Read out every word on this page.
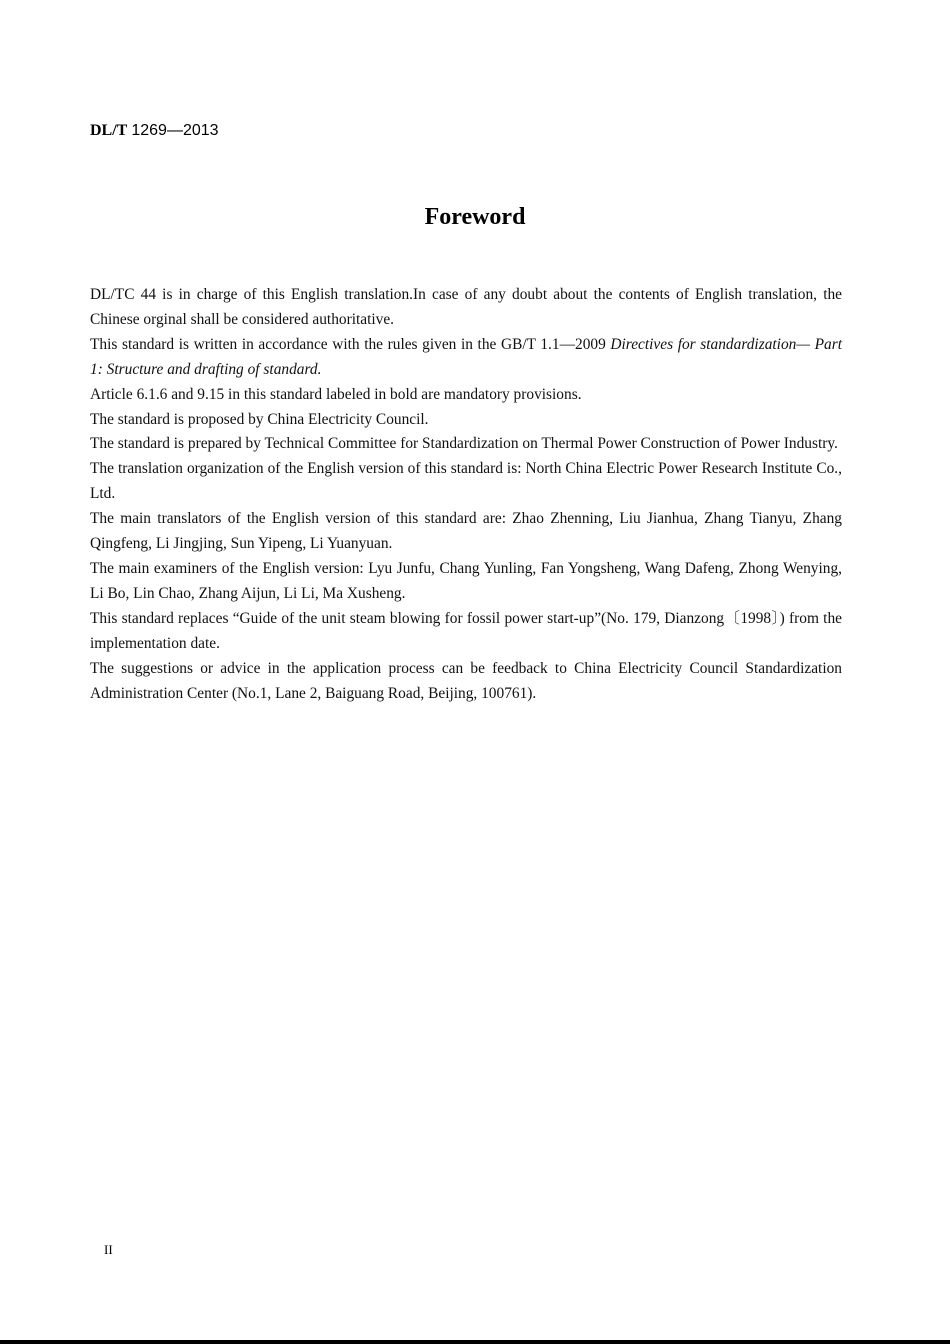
DL/T 1269—2013
Foreword

DL/TC 44 is in charge of this English translation.In case of any doubt about the contents of English translation, the Chinese orginal shall be considered authoritative.

This standard is written in accordance with the rules given in the GB/T 1.1—2009 Directives for standardization— Part 1: Structure and drafting of standard.

Article 6.1.6 and 9.15 in this standard labeled in bold are mandatory provisions.

The standard is proposed by China Electricity Council.

The standard is prepared by Technical Committee for Standardization on Thermal Power Construction of Power Industry.

The translation organization of the English version of this standard is: North China Electric Power Research Institute Co., Ltd.

The main translators of the English version of this standard are: Zhao Zhenning, Liu Jianhua, Zhang Tianyu, Zhang Qingfeng, Li Jingjing, Sun Yipeng, Li Yuanyuan.

The main examiners of the English version: Lyu Junfu, Chang Yunling, Fan Yongsheng, Wang Dafeng, Zhong Wenying, Li Bo, Lin Chao, Zhang Aijun, Li Li, Ma Xusheng.

This standard replaces “Guide of the unit steam blowing for fossil power start-up”(No. 179, Dianzong〔1998〕) from the implementation date.

The suggestions or advice in the application process can be feedback to China Electricity Council Standardization Administration Center (No.1, Lane 2, Baiguang Road, Beijing, 100761).

II
